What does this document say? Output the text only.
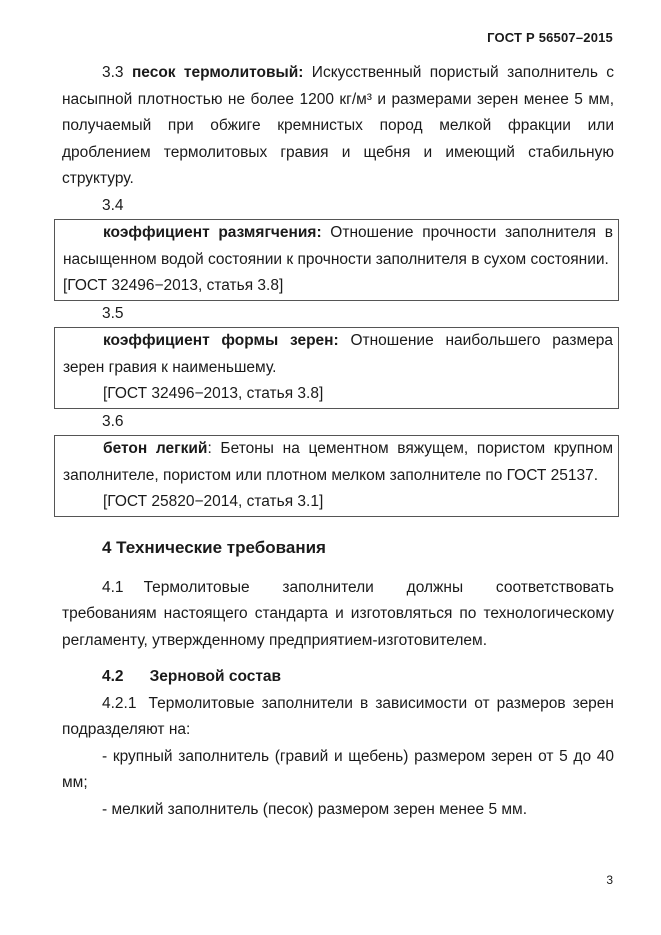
ГОСТ Р 56507–2015

3.3 песок термолитовый: Искусственный пористый заполнитель с насыпной плотностью не более 1200 кг/м³ и размерами зерен менее 5 мм, получаемый при обжиге кремнистых пород мелкой фракции или дроблением термолитовых гравия и щебня и имеющий стабильную структуру.

3.4

коэффициент размягчения: Отношение прочности заполнителя в насыщенном водой состоянии к прочности заполнителя в сухом состоянии.

[ГОСТ 32496−2013, статья 3.8]

3.5

коэффициент формы зерен: Отношение наибольшего размера зерен гравия к наименьшему.

[ГОСТ 32496−2013, статья 3.8]

3.6

бетон легкий: Бетоны на цементном вяжущем, пористом крупном заполнителе, пористом или плотном мелком заполнителе по ГОСТ 25137.

[ГОСТ 25820−2014, статья 3.1]

4 Технические требования

4.1 Термолитовые заполнители должны соответствовать требованиям настоящего стандарта и изготовляться по технологическому регламенту, утвержденному предприятием-изготовителем.

4.2 Зерновой состав

4.2.1 Термолитовые заполнители в зависимости от размеров зерен подразделяют на:

- крупный заполнитель (гравий и щебень) размером зерен от 5 до 40 мм;

- мелкий заполнитель (песок) размером зерен менее 5 мм.

3
